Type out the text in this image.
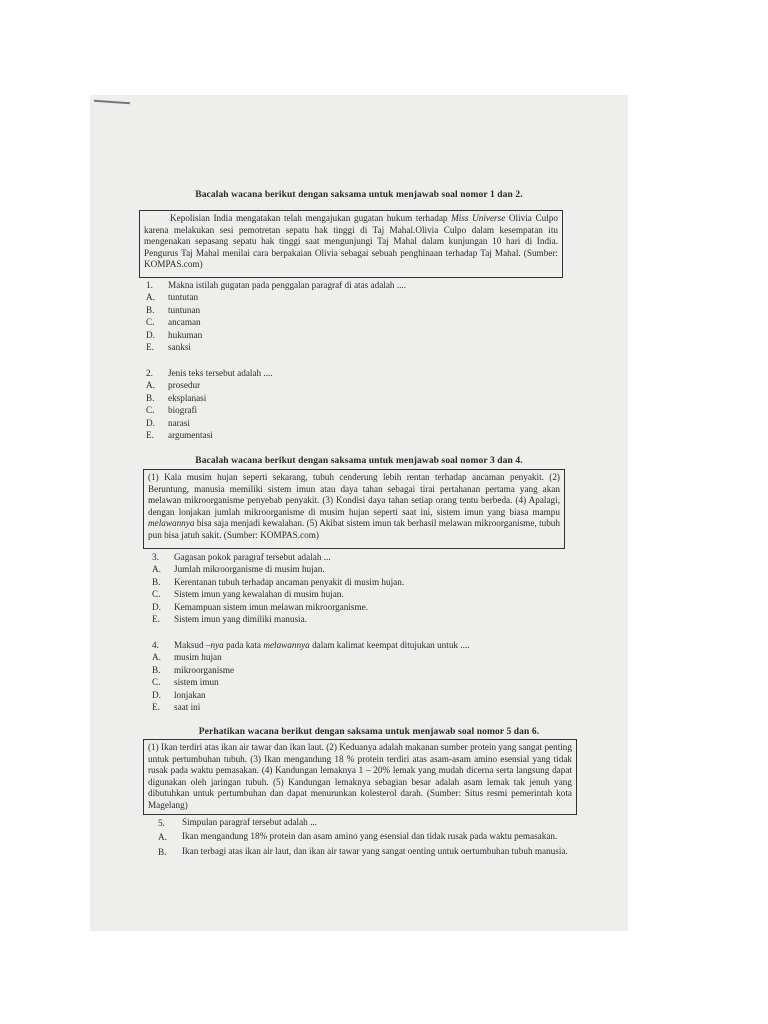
Bacalah wacana berikut dengan saksama untuk menjawab soal nomor 1 dan 2.
Kepolisian India mengatakan telah mengajukan gugatan hukum terhadap Miss Universe Olivia Culpo karena melakukan sesi pemotretan sepatu hak tinggi di Taj Mahal.Olivia Culpo dalam kesempatan itu mengenakan sepasang sepatu hak tinggi saat mengunjungi Taj Mahal dalam kunjungan 10 hari di India. Pengurus Taj Mahal menilai cara berpakaian Olivia sebagai sebuah penghinaan terhadap Taj Mahal. (Sumber: KOMPAS.com)
1.	Makna istilah gugatan pada penggalan paragraf di atas adalah ....
A.	tuntutan
B.	tuntunan
C.	ancaman
D.	hukuman
E.	sanksi
2.	Jenis teks tersebut adalah ....
A.	prosedur
B.	eksplanasi
C.	biografi
D.	narasi
E.	argumentasi
Bacalah wacana berikut dengan saksama untuk menjawab soal nomor 3 dan 4.
(1) Kala musim hujan seperti sekarang, tubuh cenderung lebih rentan terhadap ancaman penyakit. (2) Beruntung, manusia memiliki sistem imun atau daya tahan sebagai tirai pertahanan pertama yang akan melawan mikroorganisme penyebab penyakit. (3) Kondisi daya tahan setiap orang tentu berbeda. (4) Apalagi, dengan lonjakan jumlah mikroorganisme di musim hujan seperti saat ini, sistem imun yang biasa mampu melawannya bisa saja menjadi kewalahan. (5) Akibat sistem imun tak berhasil melawan mikroorganisme, tubuh pun bisa jatuh sakit. (Sumber: KOMPAS.com)
3.	Gagasan pokok paragraf tersebut adalah ...
A.	Jumlah mikroorganisme di musim hujan.
B.	Kerentanan tubuh terhadap ancaman penyakit di musim hujan.
C.	Sistem imun yang kewalahan di musim hujan.
D.	Kemampuan sistem imun melawan mikroorganisme.
E.	Sistem imun yang dimiliki manusia.
4.	Maksud –nya pada kata melawannya dalam kalimat keempat ditujukan untuk ....
A.	musim hujan
B.	mikroorganisme
C.	sistem imun
D.	lonjakan
E.	saat ini
Perhatikan wacana berikut dengan saksama untuk menjawab soal nomor 5 dan 6.
(1) Ikan terdiri atas ikan air tawar dan ikan laut. (2) Keduanya adalah makanan sumber protein yang sangat penting untuk pertumbuhan tubuh. (3) Ikan mengandung 18 % protein terdiri atas asam-asam amino esensial yang tidak rusak pada waktu pemasakan. (4) Kandungan lemaknya 1 – 20% lemak yang mudah dicerna serta langsung dapat digunakan oleh jaringan tubuh. (5) Kandungan lemaknya sebagian besar adalah asam lemak tak jenuh yang dibutuhkan untuk pertumbuhan dan dapat menurunkan kolesterol darah. (Sumber: Situs resmi pemerintah kota Magelang)
5.	Simpulan paragraf tersebut adalah ...
A.	Ikan mengandung 18% protein dan asam amino yang esensial dan tidak rusak pada waktu pemasakan.
B.	Ikan terbagi atas ikan air laut, dan ikan air tawar yang sangat oenting untuk oertumbuhan tubuh manusia.
